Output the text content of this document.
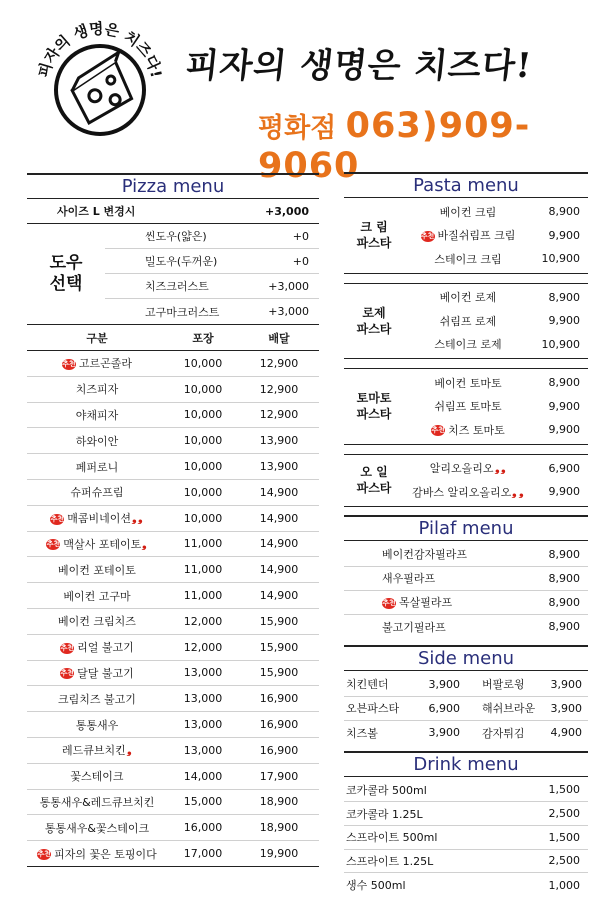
피자의 생명은 치즈다! 피자의 생명은 치즈다!
평화점 063)909-9060
Pizza menu
사이즈 L 변경시	+3,000
도우
선택
씬도우(얇은)	+0
밀도우(두꺼운)	+0
치즈크러스트	+3,000
고구마크러스트	+3,000
구분	포장	배달
추천 고르곤졸라	10,000	12,900
치즈피자	10,000	12,900
야채피자	10,000	12,900
하와이안	10,000	13,900
페퍼로니	10,000	13,900
슈퍼슈프림	10,000	14,900
추천 매콤비네이션❟❟	10,000	14,900
추천 맥살사 포테이토❟	11,000	14,900
베이컨 포테이토	11,000	14,900
베이컨 고구마	11,000	14,900
베이컨 크림치즈	12,000	15,900
추천 리얼 불고기	12,000	15,900
추천 달달 불고기	13,000	15,900
크림치즈 불고기	13,000	16,900
통통새우	13,000	16,900
레드큐브치킨❟	13,000	16,900
꽃스테이크	14,000	17,900
통통새우&레드큐브치킨	15,000	18,900
통통새우&꽃스테이크	16,000	18,900
추천 피자의 꽃은 토핑이다	17,000	19,900
Pasta menu
크 림
파스타
베이컨 크림	8,900
추천 바질쉬림프 크림	9,900
스테이크 크림	10,900
로제
파스타
베이컨 로제	8,900
쉬림프 로제	9,900
스테이크 로제	10,900
토마토
파스타
베이컨 토마토	8,900
쉬림프 토마토	9,900
추천 치즈 토마토	9,900
오 일
파스타
알리오올리오❟❟	6,900
감바스 알리오올리오❟❟	9,900
Pilaf menu
베이컨감자필라프	8,900
새우필라프	8,900
추천 목살필라프	8,900
불고기필라프	8,900
Side menu
치킨텐더	3,900	버팔로윙	3,900
오븐파스타	6,900	해쉬브라운	3,900
치즈볼	3,900	감자튀김	4,900
Drink menu
코카콜라 500ml	1,500
코카콜라 1.25L	2,500
스프라이트 500ml	1,500
스프라이트 1.25L	2,500
생수 500ml	1,000
